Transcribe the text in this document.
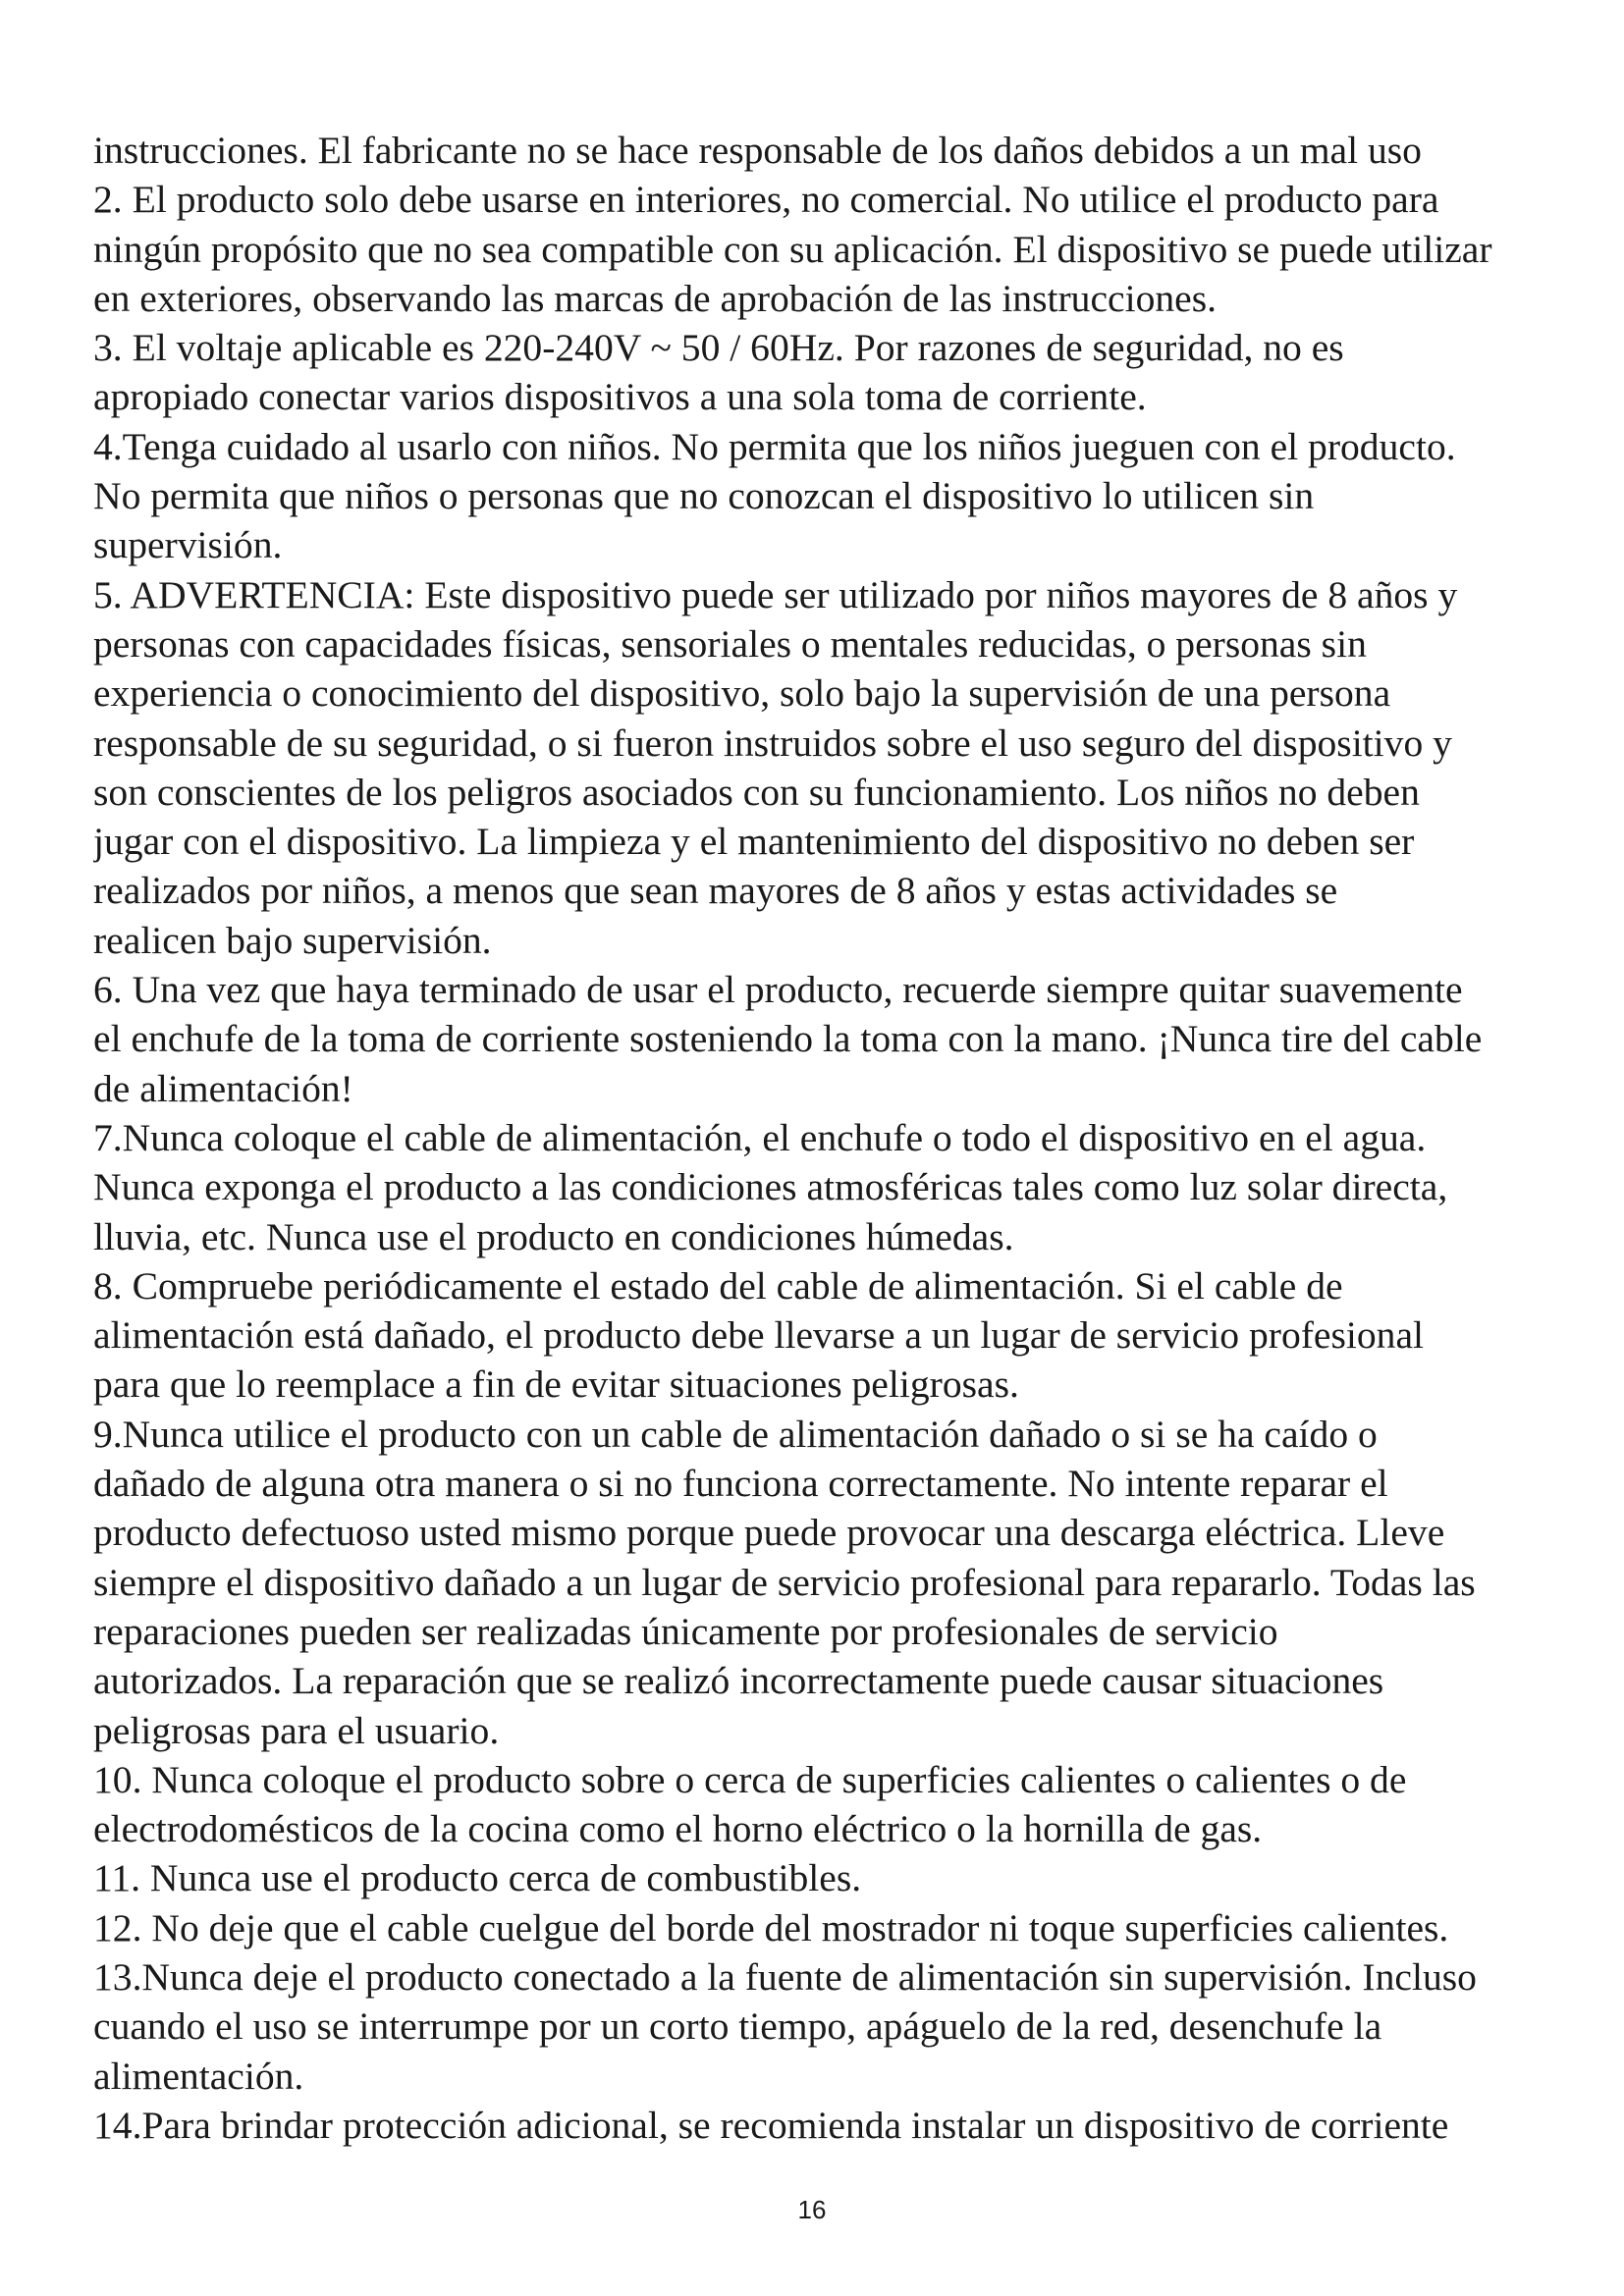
instrucciones. El fabricante no se hace responsable de los daños debidos a un mal uso
2. El producto solo debe usarse en interiores, no comercial. No utilice el producto para
ningún propósito que no sea compatible con su aplicación. El dispositivo se puede utilizar
en exteriores, observando las marcas de aprobación de las instrucciones.
3. El voltaje aplicable es 220-240V ~ 50 / 60Hz. Por razones de seguridad, no es
apropiado conectar varios dispositivos a una sola toma de corriente.
4.Tenga cuidado al usarlo con niños. No permita que los niños jueguen con el producto.
No permita que niños o personas que no conozcan el dispositivo lo utilicen sin
supervisión.
5. ADVERTENCIA: Este dispositivo puede ser utilizado por niños mayores de 8 años y
personas con capacidades físicas, sensoriales o mentales reducidas, o personas sin
experiencia o conocimiento del dispositivo, solo bajo la supervisión de una persona
responsable de su seguridad, o si fueron instruidos sobre el uso seguro del dispositivo y
son conscientes de los peligros asociados con su funcionamiento. Los niños no deben
jugar con el dispositivo. La limpieza y el mantenimiento del dispositivo no deben ser
realizados por niños, a menos que sean mayores de 8 años y estas actividades se
realicen bajo supervisión.
6. Una vez que haya terminado de usar el producto, recuerde siempre quitar suavemente
el enchufe de la toma de corriente sosteniendo la toma con la mano. ¡Nunca tire del cable
de alimentación!
7.Nunca coloque el cable de alimentación, el enchufe o todo el dispositivo en el agua.
Nunca exponga el producto a las condiciones atmosféricas tales como luz solar directa,
lluvia, etc. Nunca use el producto en condiciones húmedas.
8. Compruebe periódicamente el estado del cable de alimentación. Si el cable de
alimentación está dañado, el producto debe llevarse a un lugar de servicio profesional
para que lo reemplace a fin de evitar situaciones peligrosas.
9.Nunca utilice el producto con un cable de alimentación dañado o si se ha caído o
dañado de alguna otra manera o si no funciona correctamente. No intente reparar el
producto defectuoso usted mismo porque puede provocar una descarga eléctrica. Lleve
siempre el dispositivo dañado a un lugar de servicio profesional para repararlo. Todas las
reparaciones pueden ser realizadas únicamente por profesionales de servicio
autorizados. La reparación que se realizó incorrectamente puede causar situaciones
peligrosas para el usuario.
10. Nunca coloque el producto sobre o cerca de superficies calientes o calientes o de
electrodomésticos de la cocina como el horno eléctrico o la hornilla de gas.
11. Nunca use el producto cerca de combustibles.
12. No deje que el cable cuelgue del borde del mostrador ni toque superficies calientes.
13.Nunca deje el producto conectado a la fuente de alimentación sin supervisión. Incluso
cuando el uso se interrumpe por un corto tiempo, apáguelo de la red, desenchufe la
alimentación.
14.Para brindar protección adicional, se recomienda instalar un dispositivo de corriente
16
